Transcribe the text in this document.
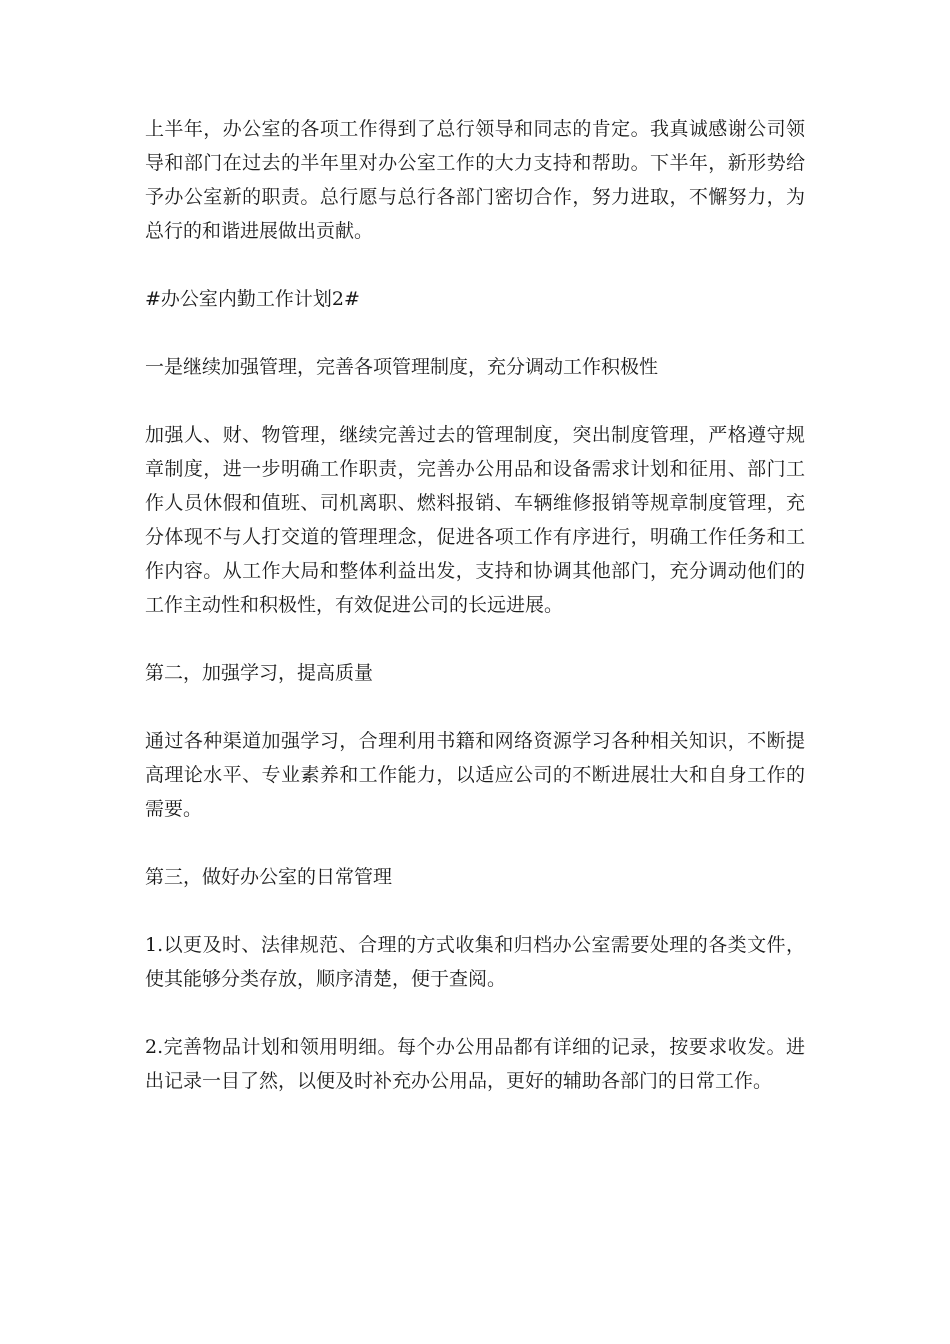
上半年，办公室的各项工作得到了总行领导和同志的肯定。我真诚感谢公司领导和部门在过去的半年里对办公室工作的大力支持和帮助。下半年，新形势给予办公室新的职责。总行愿与总行各部门密切合作，努力进取，不懈努力，为总行的和谐进展做出贡献。

#办公室内勤工作计划2#

一是继续加强管理，完善各项管理制度，充分调动工作积极性

加强人、财、物管理，继续完善过去的管理制度，突出制度管理，严格遵守规章制度，进一步明确工作职责，完善办公用品和设备需求计划和征用、部门工作人员休假和值班、司机离职、燃料报销、车辆维修报销等规章制度管理，充分体现不与人打交道的管理理念，促进各项工作有序进行，明确工作任务和工作内容。从工作大局和整体利益出发，支持和协调其他部门，充分调动他们的工作主动性和积极性，有效促进公司的长远进展。

第二，加强学习，提高质量

通过各种渠道加强学习，合理利用书籍和网络资源学习各种相关知识，不断提高理论水平、专业素养和工作能力，以适应公司的不断进展壮大和自身工作的需要。

第三，做好办公室的日常管理

1.以更及时、法律规范、合理的方式收集和归档办公室需要处理的各类文件，使其能够分类存放，顺序清楚，便于查阅。

2.完善物品计划和领用明细。每个办公用品都有详细的记录，按要求收发。进出记录一目了然，以便及时补充办公用品，更好的辅助各部门的日常工作。
